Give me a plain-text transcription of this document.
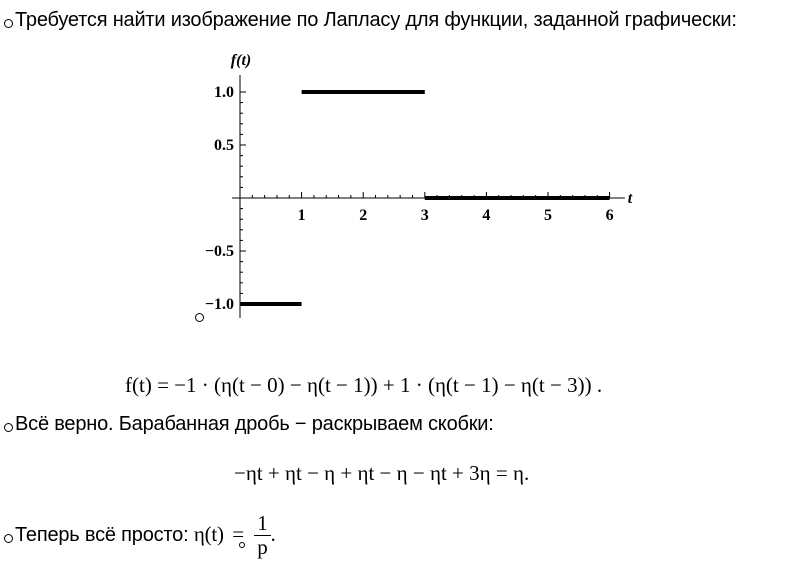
Требуется найти изображение по Лапласу для функции, заданной графически:
1	2	3	4	5	6
1.0
0.5
−0.5
−1.0
f(t)
t
f(t) = −1 · (η(t − 0) − η(t − 1)) + 1 · (η(t − 1) − η(t − 3)) .
Всё верно. Барабанная дробь − раскрываем скобки:
−ηt + ηt − η + ηt − η − ηt + 3η = η.
Теперь всё просто: $\eta(t) = \frac{1}{p}$ .
